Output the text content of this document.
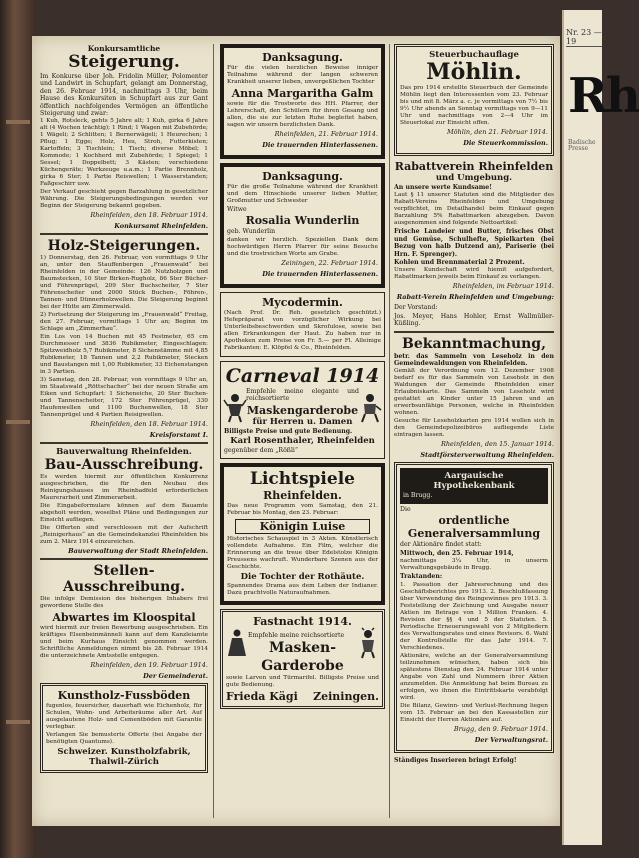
Nr. 23 — 19
Rh
Badische Presse
Konkursamtliche
Steigerung.

Im Konkurse über Joh. Fridolin Müller, Polomenter und Landwirt in Schupfart, gelangt am Donnerstag, den 26. Februar 1914, nachmittags 3 Uhr, beim Hause des Konkursiten in Schupfart aus zur Gant öffentlich nachfolgendes Vermögen an öffentliche Steigerung und zwar:

1 Kuh, Rotsleck, gehts 5 Jahre alt; 1 Kuh, girka 6 Jahre alt (4 Wochen trächtig); 1 Rind; 1 Wagen mit Zubehörde; 1 Wägeli; 2 Schlitten; 1 Bernerwägeli; 1 Heurechen; 1 Pflug; 1 Egge; Holz, Heu, Stroh, Futterkisten; Kartoffeln; 3 Tischlein; 1 Tisch; diverse Möbel; 1 Kommode; 1 Kochherd mit Zubehörde; 1 Spiegel; 1 Sessel; 1 Doppelbett; 3 Kästen; verschiedene Küchengeräte; Werkzeuge u.a.m.; 1 Partie Brennholz, girka 6 Ster; 1 Partie Reiswellen; 1 Wasserstanden; Faßgeschirr usw.

Der Verkauf geschieht gegen Barzahlung in gesetzlicher Währung. Die Steigerungsbedingungen werden vor Beginn der Steigerung bekannt gegeben.

Rheinfelden, den 18. Februar 1914.
Konkursamt Rheinfelden.
Holz-Steigerungen.

1) Donnerstag, den 26. Februar, von vormittags 9 Uhr an, unter den Stauffenbergen „Frauenwald“ bei Rheinfelden in der Gemeinde: 126 Nutzholzgen und Baumstecken, 10 Ster Birken-Rugholz, 86 Ster Bücher- und Föhrenprügel, 209 Ster Buchscheiter, 7 Ster Föhrenscheiter und 2000 Stück Buchen-, Föhren-, Tannen- und Dünnerholzwellen. Die Steigerung beginnt bei der Hütte am Zimmerwald.

2) Fortsetzung der Steigerung im „Frauenwald“ Freitag, den 27. Februar, vormittags 1 Uhr an; Beginn im Schlage am „Zimmerhau“.

Ein Los von 14 Buchen mit 45 Festmeter, 65 cm Durchmesser und 3836 Rubikmeter, Eingeschlagen: Spitzweidholz 5,7 Rubikmeter, 8 Sichenstämme mit 4,85 Rubikmeter, 18 Tannen und 2,2 Rubikmeter, Stecken und Baustangen mit 1,00 Rubikmeter, 33 Eichenstangen in 3 Partien.

3) Samstag, den 28. Februar, von vormittags 9 Uhr an, im Staatswald „Röttschacher“ bei der neuen Straße am Eiken und Schupfart: 1 Sicheneiche, 20 Ster Buchen- und Tannenscheiter, 172 Ster Föhrenprügel, 330 Haufenwellen und 1100 Buchenwellen, 18 Ster Tannenprügel und 4 Partien Reisigwellen.

Rheinfelden, den 18. Februar 1914.
Kreisforstamt I.
Bauverwaltung Rheinfelden.
Bau-Ausschreibung.

Es werden hiermit zur öffentlichen Konkurrenz ausgeschrieben, die für den Neubau des Reinigungshauses im Rheinbadfeld erforderlichen Maurerarbeit und Zimmerarbeit.

Die Eingabeformulare können auf dem Bauamte abgeholt werden, woselbst Pläne und Bedingungen zur Einsicht aufliegen.

Die Offerten sind verschlossen mit der Aufschrift „Reinigerhaus“ an die Gemeindekanzlei Rheinfelden bis zum 2. März 1914 einzureichen.

Bauverwaltung der Stadt Rheinfelden.
Stellen-Ausschreibung.

Die infolge Demission des bisherigen Inhabers frei gewordene Stelle des

Abwartes im Kloospital

wird hiermit zur freien Bewerbung ausgeschrieben. Ein kräftiges Elsenbeinmänneli kann auf dem Kanzleiamte und beim Kurhaus Einsicht genommen werden. Schriftliche Anmeldungen nimmt bis 28. Februar 1914 die unterzeichnete Amtsstelle entgegen.

Rheinfelden, den 19. Februar 1914.
Der Gemeinderat.
Kunstholz-Fussböden

fugenlos, feuersicher, dauerhaft wie Eichenholz, für Schulen, Wohn- und Arbeitsräume aller Art. Auf ausgelautene Holz- und Cementböden mit Garantie verlegbar.

Verlangen Sie bemusterte Offerte (bei Angabe der benötigten Quantums).

Schweizer. Kunstholzfabrik, Thalwil-Zürich
Danksagung.

Für die vielen herzlichen Beweise inniger Teilnahme während der langen schweren Krankheit unserer lieben, unvergeßlichen Tochter

Anna Margaritha Galm

sowie für die Trostworte des HH. Pfarrer, der Lehrerschaft, den Schülern für ihren Gesang und allen, die sie zur letzten Ruhe begleitet haben, sagen wir unsern herzlichsten Dank.

Rheinfelden, 21. Februar 1914.
Die trauernden Hinterlassenen.
Danksagung.

Für die große Teilnahme während der Krankheit und dem Hinschiede unserer lieben Mutter, Großmutter und Schwester

Witwe
Rosalia Wunderlin
geb. Wunderlin

danken wir herzlich. Speziellen Dank dem hochwürdigen Herrn Pfarrer für seine Besuche und die trostreichen Worte am Grabe.

Zeiningen, 22. Februar 1914.
Die trauernden Hinterlassenen.
Mycodermin.

(Nach Prof. Dr. Reh. gesetzlich geschützt.) Hefepräparat von vorzüglicher Wirkung bei Unterleibsbeschwerden und Skrofulose, sowie bei allen Erkrankungen der Haut. Zu haben nur in Apotheken zum Preise von Fr. 5.— per Fl. Alleinige Fabrikanten: E. Klöpfel & Co., Rheinfelden.

Carneval 1914
Empfehle meine elegante und reichsortierte
Maskengarderobe
für Herren u. Damen
Billigste Preise und gute Bedienung.
Karl Rosenthaler, Rheinfelden
gegenüber dem „Rößli“
Lichtspiele
Rheinfelden.

Das neue Programm vom Samstag, den 21. Februar bis Montag, den 23. Februar:

Königin Luise

Historisches Schauspiel in 3 Akten. Künstlerisch vollendete Aufnahme. Ein Film, welcher die Erinnerung an die treue über Edelstolze Königin Preussens wachruft. Wunderbare Szenen aus der Geschichte.

Die Tochter der Rothäute.

Spannendes Drama aus dem Leben der Indianer. Dazu prachtvolle Naturaufnahmen.

Fastnacht 1914.
Empfehle meine reichsortierte
Masken-
Garderobe

sowie Larven und Türmarifel. Billigste Preise und gute Bedienung.

Frieda Kägi Zeiningen.
Steuerbuchauflage
Möhlin.

Das pro 1914 erstellte Steuerbuch der Gemeinde Möhlin liegt den Interessenten vom 23. Februar bis und mit 8. März a. c. je vormittags von 7½ bis 9½ Uhr abends an Sonntag vormittags von 9—11 Uhr und nachmittags von 2—4 Uhr im Steuerlokal zur Einsicht offen.

Möhlin, den 21. Februar 1914.
Die Steuerkommission.
Rabattverein Rheinfelden
und Umgebung.
An unsere werte Kundsame!

Laut § 11 unserer Statuten sind die Mitglieder des Rabatt-Vereins Rheinfelden und Umgebung verpflichtet, im Detailhandel beim Einkauf gegen Barzahlung 5% Rabattmarken abzugeben. Davon ausgenommen sind folgende Nettoartikel:

Frische Landeier und Butter, frisches Obst und Gemüse, Schulhefte, Spielkarten (bei Bezug von halb Dutzend an), Pariserie (bei Hrn. F. Sprenger).

Kohlen und Brennmaterial 2 Prozent.

Unsere Kundschaft wird hiemit aufgefordert, Rabattmarken jeweils beim Einkauf zu verlangen.

Rheinfelden, im Februar 1914.
Rabatt-Verein Rheinfelden und Umgebung:
Der Vorstand:
Jos. Meyer, Hans Hohler, Ernst Wallmüller-Küßling.
Bekanntmachung,
betr. das Sammeln von Leseholz in den Gemeindewaldungen von Rheinfelden.

Gemäß der Verordnung vom 12. Dezember 1908 bedarf es für das Sammeln von Leseholz in den Waldungen der Gemeinde Rheinfelden einer Erlaubniskarte. Das Sammeln von Leseholz wird gestattet an Kinder unter 15 Jahren und an erwerbsunfähige Personen, welche in Rheinfelden wohnen.

Gesuche für Leseholzkarten pro 1914 wollen sich in den Gemeindepolizeibüros aufliegende Liste eintragen lassen.

Rheinfelden, den 15. Januar 1914.
Stadtförsterverwaltung Rheinfelden.
Aargauische Hypothekenbank
in Brugg.
Die
ordentliche Generalversammlung
der Aktionäre findet statt:
Mittwoch, den 25. Februar 1914,

nachmittags 3¼ Uhr, in unserm Verwaltungsgebäude in Brugg.

Traktanden:

1. Passation der Jahresrechnung und des Geschäftsberichtes pro 1913. 2. Beschlußfassung über Verwendung des Reingewinnes pro 1913. 3. Feststellung der Zeichnung und Ausgabe neuer Aktien im Betrage von 1 Million Franken. 4. Revision der §§ 4 und 5 der Statuten. 5. Periodische Erneuerungswahl von 2 Mitgliedern des Verwaltungsrates und eines Revisors. 6. Wahl der Kontrollstelle für das Jahr 1914. 7. Verschiedenes.

Aktionäre, welche an der Generalversammlung teilzunehmen wünschen, haben sich bis spätestens Dienstag den 24. Februar 1914 unter Angabe von Zahl und Nummern ihrer Aktien anzumelden. Die Anmeldung hat beim Bureau zu erfolgen, wo ihnen die Eintrittskarte verabfolgt wird.

Die Bilanz, Gewinn- und Verlust-Rechnung liegen vom 15. Februar an bei den Kassastellen zur Einsicht der Herren Aktionäre auf.

Brugg, den 9. Februar 1914.
Der Verwaltungsrat.
Ständiges Inserieren bringt Erfolg!
